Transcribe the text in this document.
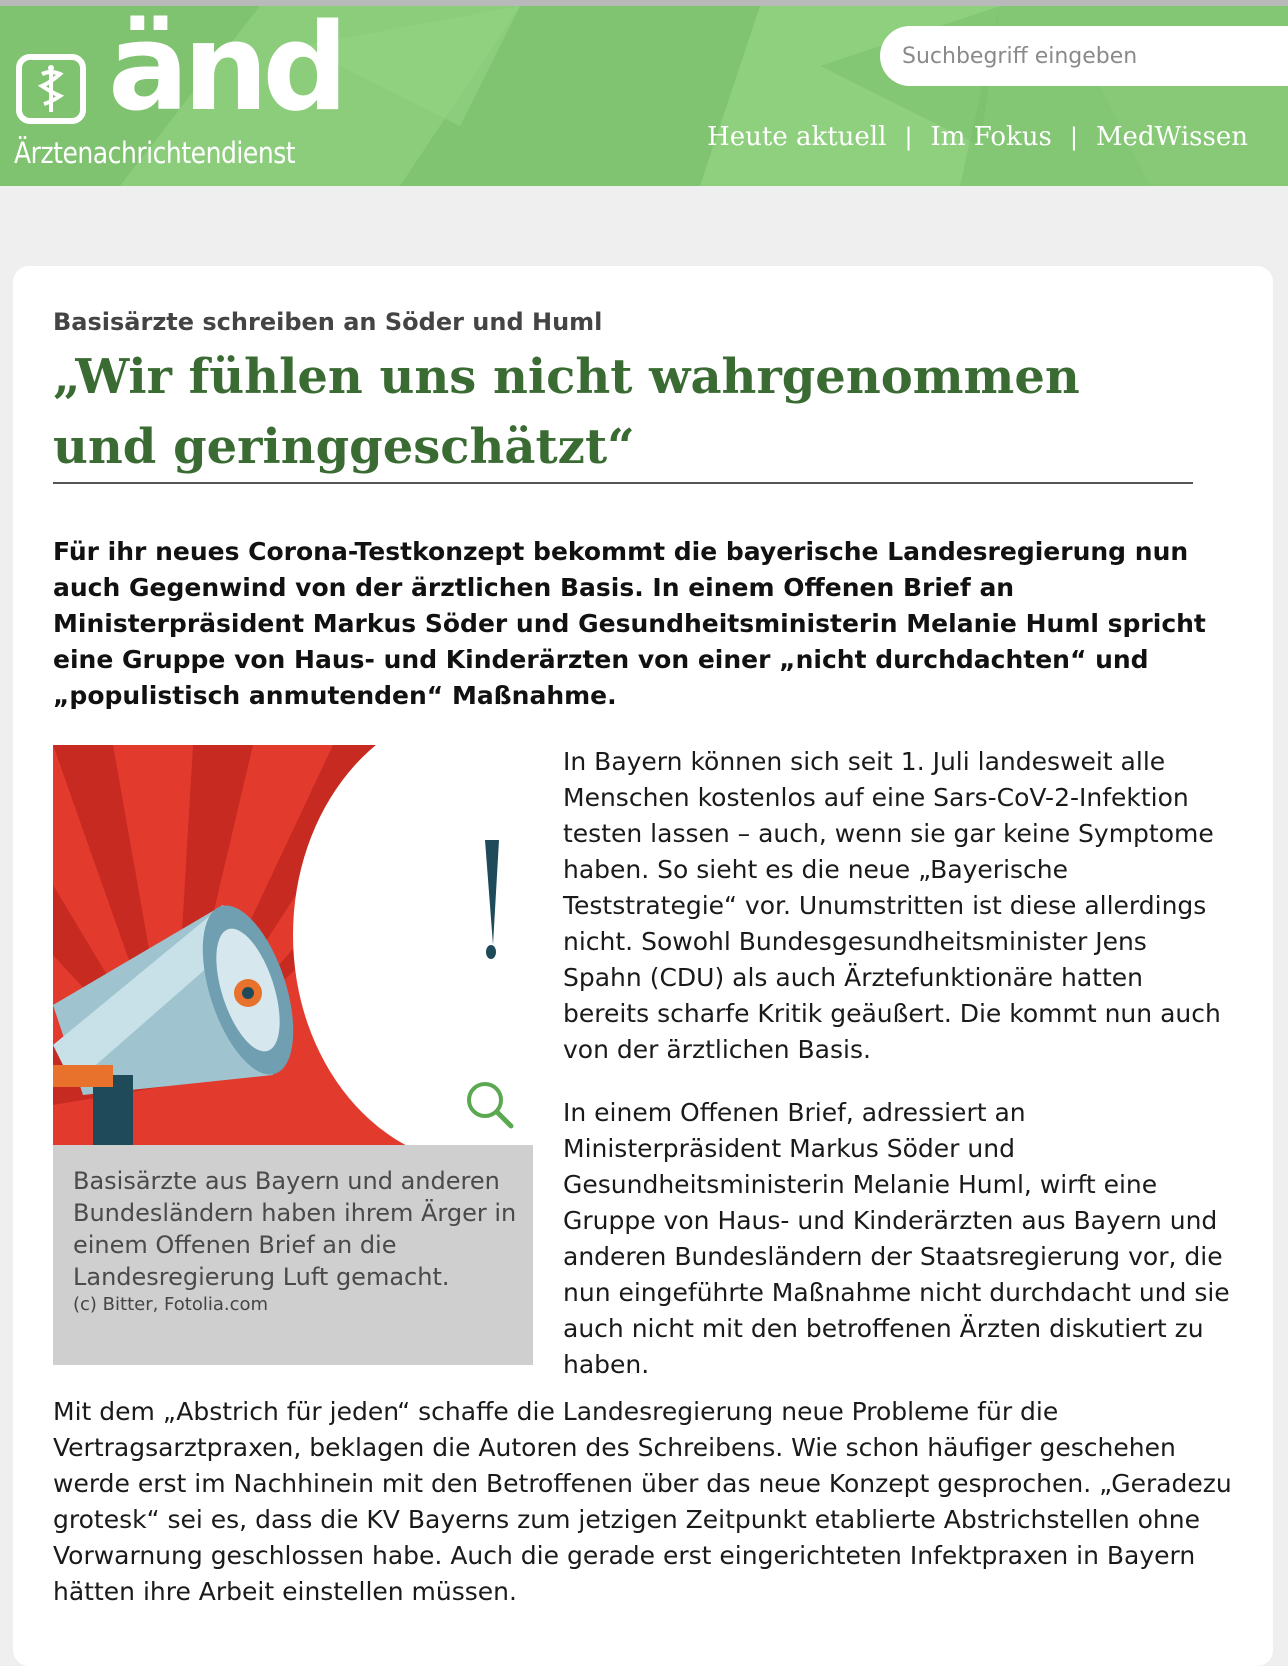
änd
Ärztenachrichtendienst
Suchbegriff eingeben	Heute aktuell | Im Fokus | MedWissen

Basisärzte schreiben an Söder und Huml

„Wir fühlen uns nicht wahrgenommen und geringgeschätzt“

Für ihr neues Corona-Testkonzept bekommt die bayerische Landesregierung nun auch Gegenwind von der ärztlichen Basis. In einem Offenen Brief an Ministerpräsident Markus Söder und Gesundheitsministerin Melanie Huml spricht eine Gruppe von Haus- und Kinderärzten von einer „nicht durchdachten“ und „populistisch anmutenden“ Maßnahme.

Basisärzte aus Bayern und anderen Bundesländern haben ihrem Ärger in einem Offenen Brief an die Landesregierung Luft gemacht.

(c) Bitter, Fotolia.com

In Bayern können sich seit 1. Juli landesweit alle Menschen kostenlos auf eine Sars-CoV-2-Infektion testen lassen – auch, wenn sie gar keine Symptome haben. So sieht es die neue „Bayerische Teststrategie“ vor. Unumstritten ist diese allerdings nicht. Sowohl Bundesgesundheitsminister Jens Spahn (CDU) als auch Ärztefunktionäre hatten bereits scharfe Kritik geäußert. Die kommt nun auch von der ärztlichen Basis.

In einem Offenen Brief, adressiert an Ministerpräsident Markus Söder und Gesundheitsministerin Melanie Huml, wirft eine Gruppe von Haus- und Kinderärzten aus Bayern und anderen Bundesländern der Staatsregierung vor, die nun eingeführte Maßnahme nicht durchdacht und sie auch nicht mit den betroffenen Ärzten diskutiert zu haben.

Mit dem „Abstrich für jeden“ schaffe die Landesregierung neue Probleme für die Vertragsarztpraxen, beklagen die Autoren des Schreibens. Wie schon häufiger geschehen werde erst im Nachhinein mit den Betroffenen über das neue Konzept gesprochen. „Geradezu grotesk“ sei es, dass die KV Bayerns zum jetzigen Zeitpunkt etablierte Abstrichstellen ohne Vorwarnung geschlossen habe. Auch die gerade erst eingerichteten Infektpraxen in Bayern hätten ihre Arbeit einstellen müssen.
